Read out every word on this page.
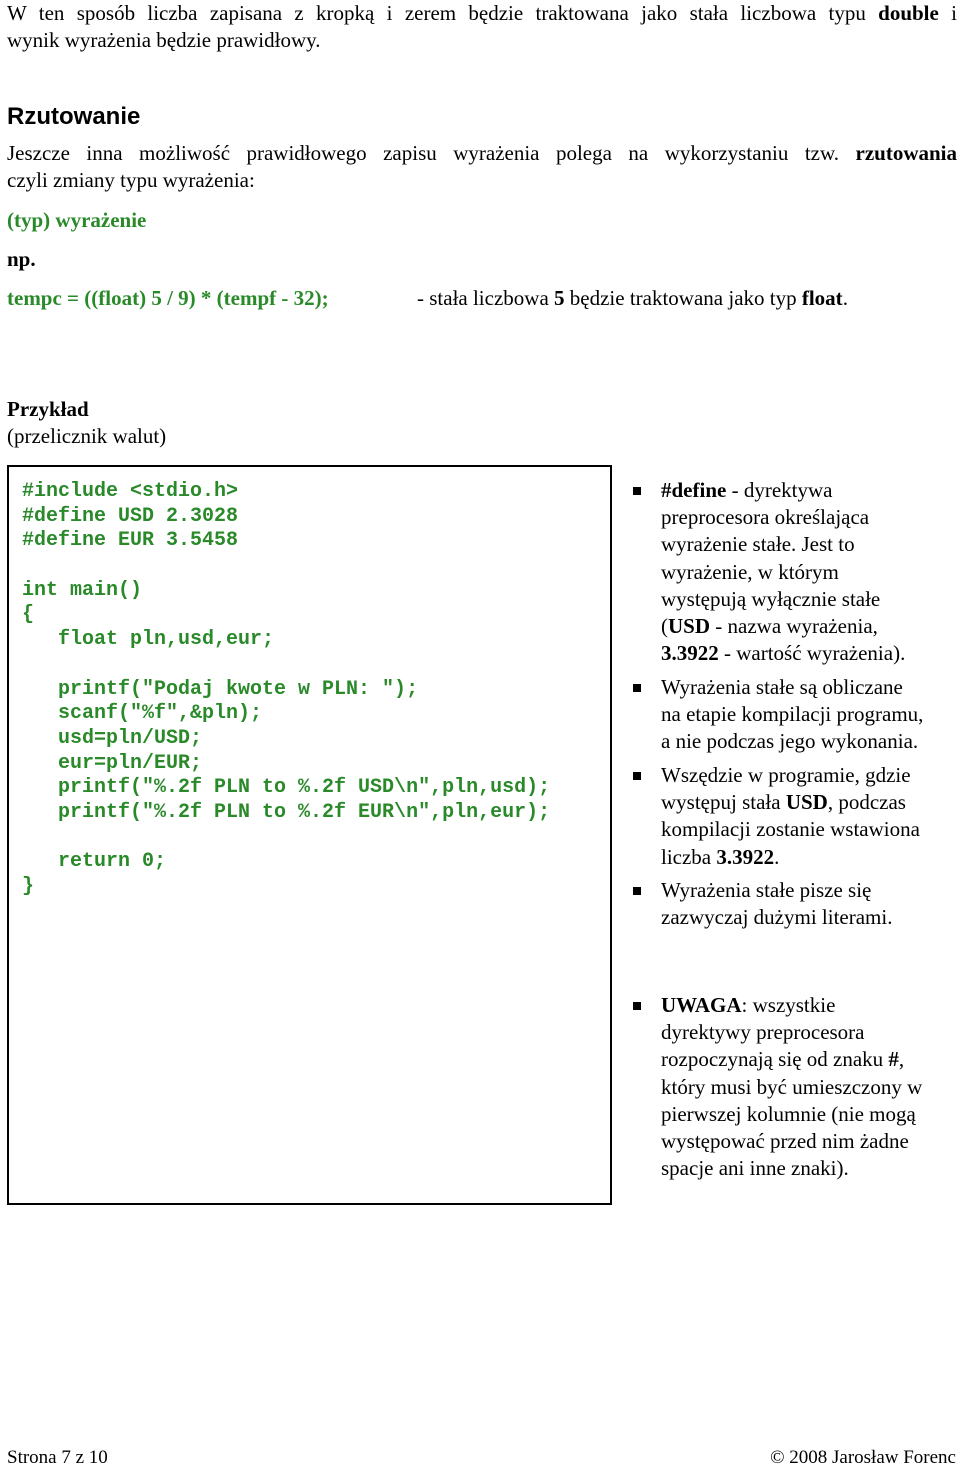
W ten sposób liczba zapisana z kropką i zerem będzie traktowana jako stała liczbowa typu double i
wynik wyrażenia będzie prawidłowy.
Rzutowanie
Jeszcze inna możliwość prawidłowego zapisu wyrażenia polega na wykorzystaniu tzw. rzutowania
czyli zmiany typu wyrażenia:
(typ) wyrażenie
np.
tempc = ((float) 5 / 9) * (tempf - 32);	- stała liczbowa 5 będzie traktowana jako typ float.
Przykład
(przelicznik walut)
#include <stdio.h>
#define USD 2.3028
#define EUR 3.5458
int main()
{
float pln,usd,eur;
printf("Podaj kwote w PLN: ");
scanf("%f",&pln);
usd=pln/USD;
eur=pln/EUR;
printf("%.2f PLN to %.2f USD\n",pln,usd);
printf("%.2f PLN to %.2f EUR\n",pln,eur);
return 0;
}
#define - dyrektywa
preprocesora określająca
wyrażenie stałe. Jest to
wyrażenie, w którym
występują wyłącznie stałe
(USD - nazwa wyrażenia,
3.3922 - wartość wyrażenia).
Wyrażenia stałe są obliczane
na etapie kompilacji programu,
a nie podczas jego wykonania.
Wszędzie w programie, gdzie
występuj stała USD, podczas
kompilacji zostanie wstawiona
liczba 3.3922.
Wyrażenia stałe pisze się
zazwyczaj dużymi literami.
UWAGA: wszystkie
dyrektywy preprocesora
rozpoczynają się od znaku #,
który musi być umieszczony w
pierwszej kolumnie (nie mogą
występować przed nim żadne
spacje ani inne znaki).
Strona 7 z 10	© 2008 Jarosław Forenc
